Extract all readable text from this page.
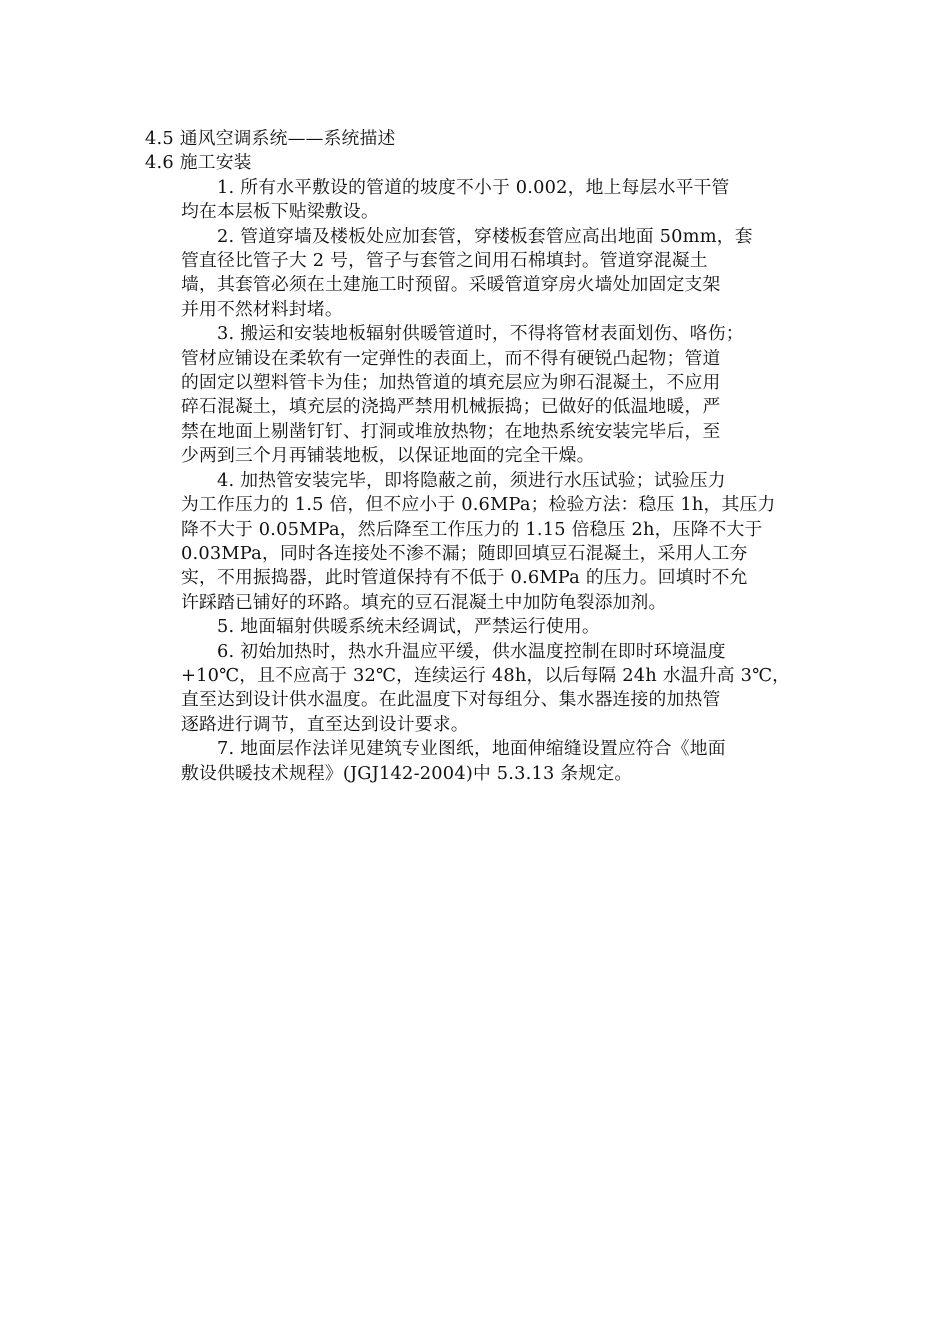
4.5 通风空调系统——系统描述
4.6 施工安装
1. 所有水平敷设的管道的坡度不小于 0.002，地上每层水平干管
均在本层板下贴梁敷设。
2. 管道穿墙及楼板处应加套管，穿楼板套管应高出地面 50mm，套
管直径比管子大 2 号，管子与套管之间用石棉填封。管道穿混凝土
墙，其套管必须在土建施工时预留。采暖管道穿房火墙处加固定支架
并用不然材料封堵。
3. 搬运和安装地板辐射供暖管道时，不得将管材表面划伤、咯伤；
管材应铺设在柔软有一定弹性的表面上，而不得有硬锐凸起物；管道
的固定以塑料管卡为佳；加热管道的填充层应为卵石混凝土，不应用
碎石混凝土，填充层的浇捣严禁用机械振捣；已做好的低温地暖，严
禁在地面上剔凿钉钉、打洞或堆放热物；在地热系统安装完毕后，至
少两到三个月再铺装地板，以保证地面的完全干燥。
4. 加热管安装完毕，即将隐蔽之前，须进行水压试验；试验压力
为工作压力的 1.5 倍，但不应小于 0.6MPa；检验方法：稳压 1h，其压力
降不大于 0.05MPa，然后降至工作压力的 1.15 倍稳压 2h，压降不大于
0.03MPa，同时各连接处不渗不漏；随即回填豆石混凝土，采用人工夯
实，不用振捣器，此时管道保持有不低于 0.6MPa 的压力。回填时不允
许踩踏已铺好的环路。填充的豆石混凝土中加防龟裂添加剂。
5. 地面辐射供暖系统未经调试，严禁运行使用。
6. 初始加热时，热水升温应平缓，供水温度控制在即时环境温度
+10℃，且不应高于 32℃，连续运行 48h，以后每隔 24h 水温升高 3℃，
直至达到设计供水温度。在此温度下对每组分、集水器连接的加热管
逐路进行调节，直至达到设计要求。
7. 地面层作法详见建筑专业图纸，地面伸缩缝设置应符合《地面
敷设供暖技术规程》(JGJ142-2004)中 5.3.13 条规定。
